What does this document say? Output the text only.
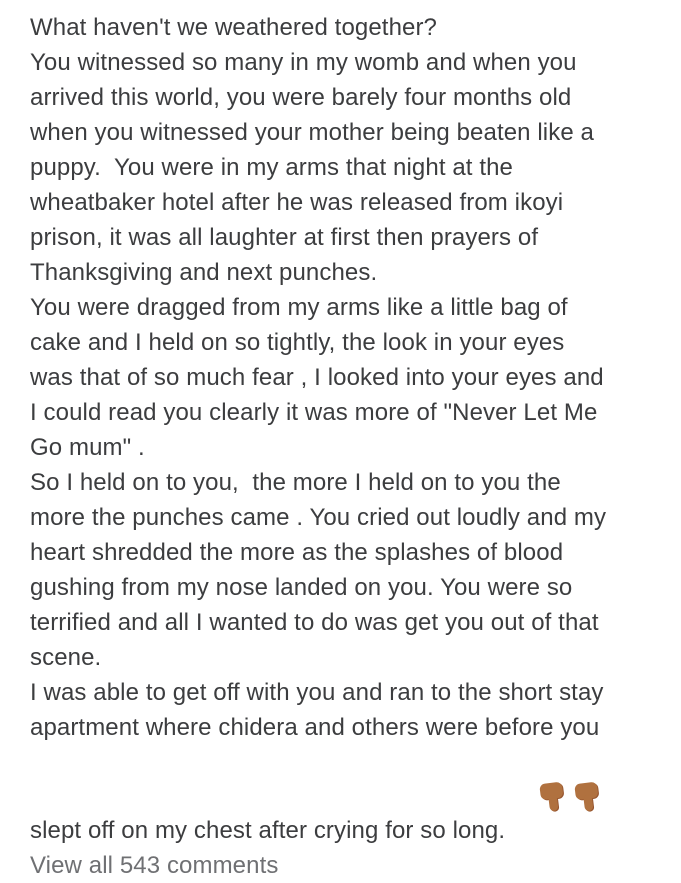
What haven't we weathered together?
You witnessed so many in my womb and when you
arrived this world, you were barely four months old
when you witnessed your mother being beaten like a
puppy.  You were in my arms that night at the
wheatbaker hotel after he was released from ikoyi
prison, it was all laughter at first then prayers of
Thanksgiving and next punches.
You were dragged from my arms like a little bag of
cake and I held on so tightly, the look in your eyes
was that of so much fear , I looked into your eyes and
I could read you clearly it was more of "Never Let Me
Go mum" .
So I held on to you,  the more I held on to you the
more the punches came . You cried out loudly and my
heart shredded the more as the splashes of blood
gushing from my nose landed on you. You were so
terrified and all I wanted to do was get you out of that
scene.
I was able to get off with you and ran to the short stay
apartment where chidera and others were before you
slept off on my chest after crying for so long.

View all 543 comments
